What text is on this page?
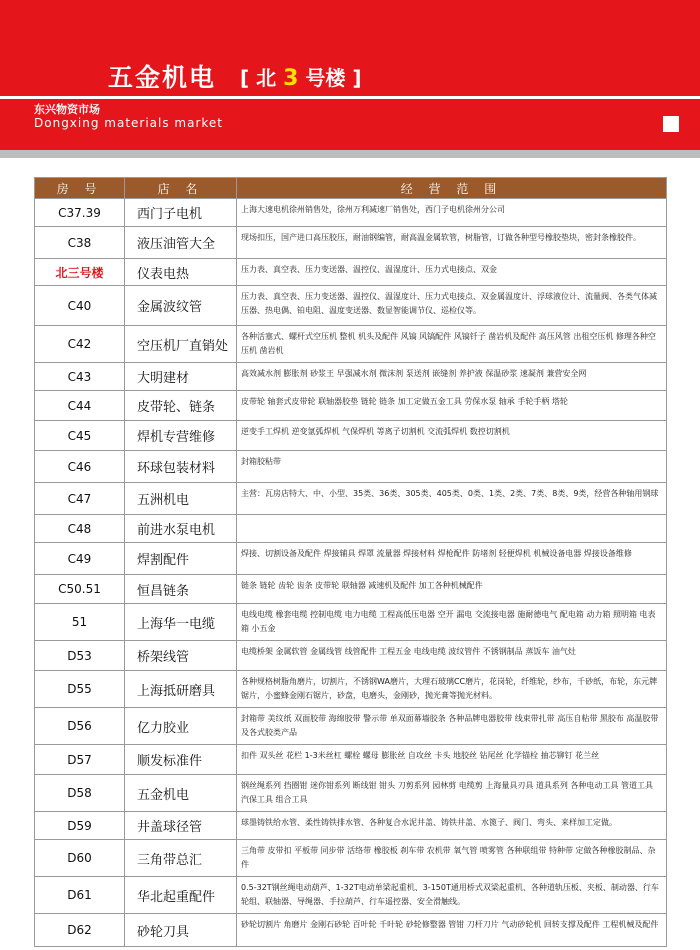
五金机电 [ 北 3 号楼 ]
东兴物资市场
Dongxing materials market
房 号	店 名	经 营 范 围
C37.39	西门子电机	上海大速电机徐州销售处，徐州万利减速厂销售处，西门子电机徐州分公司
C38	液压油管大全	现场扣压，国产进口高压胶压，耐油钢编管，耐高温金属软管，树脂管，订做各种型号橡胶垫块，密封条橡胶件。
北三号楼	仪表电热	压力表、真空表、压力变送器、温控仪、温湿度计、压力式电接点、双金
C40	金属波纹管	压力表、真空表、压力变送器、温控仪、温湿度计、压力式电接点、双金属温度计、浮球液位计、流量阀、各类气体减压器、热电偶、铂电阻、温度变送器、数显智能调节仪、巡检仪等。
C42	空压机厂直销处	各种活塞式、螺杆式空压机 整机 机头及配件 风镐 风镐配件 风镐钎子 凿岩机及配件 高压风管 出租空压机 修理各种空压机 凿岩机
C43	大明建材	高效减水剂 膨胀剂 砂浆王 早强减水剂 微沫剂 泵送剂 嵌缝剂 养护液 保温砂浆 速凝剂 兼营安全网
C44	皮带轮、链条	皮带轮 轴套式皮带轮 联轴器胶垫 链轮 链条 加工定做五金工具 劳保水泵 轴承 手轮手柄 塔轮
C45	焊机专营维修	逆变手工焊机 逆变氩弧焊机 气保焊机 等离子切割机 交流弧焊机 数控切割机
C46	环球包装材料	封箱胶粘带
C47	五洲机电	主营：瓦房店特大、中、小型、35类、36类、305类、405类、0类、1类、2类、7类、8类、9类，经营各种轴用钢球
C48	前进水泵电机	
C49	焊割配件	焊接、切割设备及配件 焊接辅具 焊罩 流量器 焊接材料 焊枪配件 防堵剂 轻便焊机 机械设备电器 焊接设备维修
C50.51	恒昌链条	链条 链轮 齿轮 齿条 皮带轮 联轴器 减速机及配件 加工各种机械配件
51	上海华一电缆	电线电缆 橡套电缆 控制电缆 电力电缆 工程高低压电器 空开 漏电 交流接电器 施耐德电气 配电箱 动力箱 照明箱 电表箱 小五金
D53	桥架线管	电缆桥架 金属软管 金属线管 线管配件 工程五金 电线电缆 波纹管件 不锈钢制品 蒸饭车 油气灶
D55	上海抵研磨具	各种规格树脂角磨片，切割片，不锈钢WA磨片，大理石玻璃CC磨片，花岗轮，纤维轮，纱布，千砂纸，布轮，东元牌锯片，小蜜蜂金刚石锯片，砂盘，电磨头，金刚砂，抛光膏等抛光材料。
D56	亿力胶业	封箱带 美纹纸 双面胶带 海绵胶带 警示带 单双面幕墙胶条 各种品牌电器胶带 线束带扎带 高压自粘带 黑胶布 高温胶带 及各式胶类产品
D57	顺发标准件	扣件 双头丝 花栏 1-3米丝杠 螺栓 螺母 膨胀丝 自攻丝 卡头 地胶丝 钻尾丝 化学锚栓 抽芯铆钉 花兰丝
D58	五金机电	钢丝绳系列 挡圈钳 迷你钳系列 断线钳 钳头 刀剪系列 园林剪 电缆剪 上海量具刃具 道具系列 各种电动工具 管道工具 汽保工具 组合工具
D59	井盖球径管	球墨铸铁给水管、柔性铸铁排水管、各种复合水泥井盖、铸铁井盖、水篦子、阀门、弯头、来样加工定做。
D60	三角带总汇	三角带 皮带扣 平板带 同步带 活络带 橡胶板 刹车带 农机带 氧气管 喷雾管 各种联组带 特种带 定做各种橡胶制品、杂件
D61	华北起重配件	0.5-32T钢丝绳电动葫芦、1-32T电动单梁起重机、3-150T通用桥式双梁起重机、各种道轨压板、夹板、制动器、行车轮组、联轴器、导绳器、手拉葫芦、行车遥控器、安全滑触线。
D62	砂轮刀具	砂轮切割片 角磨片 金刚石砂轮 百叶轮 千叶轮 砂轮修整器 管钳 刀杆刀片 气动砂轮机 回转支撑及配件 工程机械及配件
